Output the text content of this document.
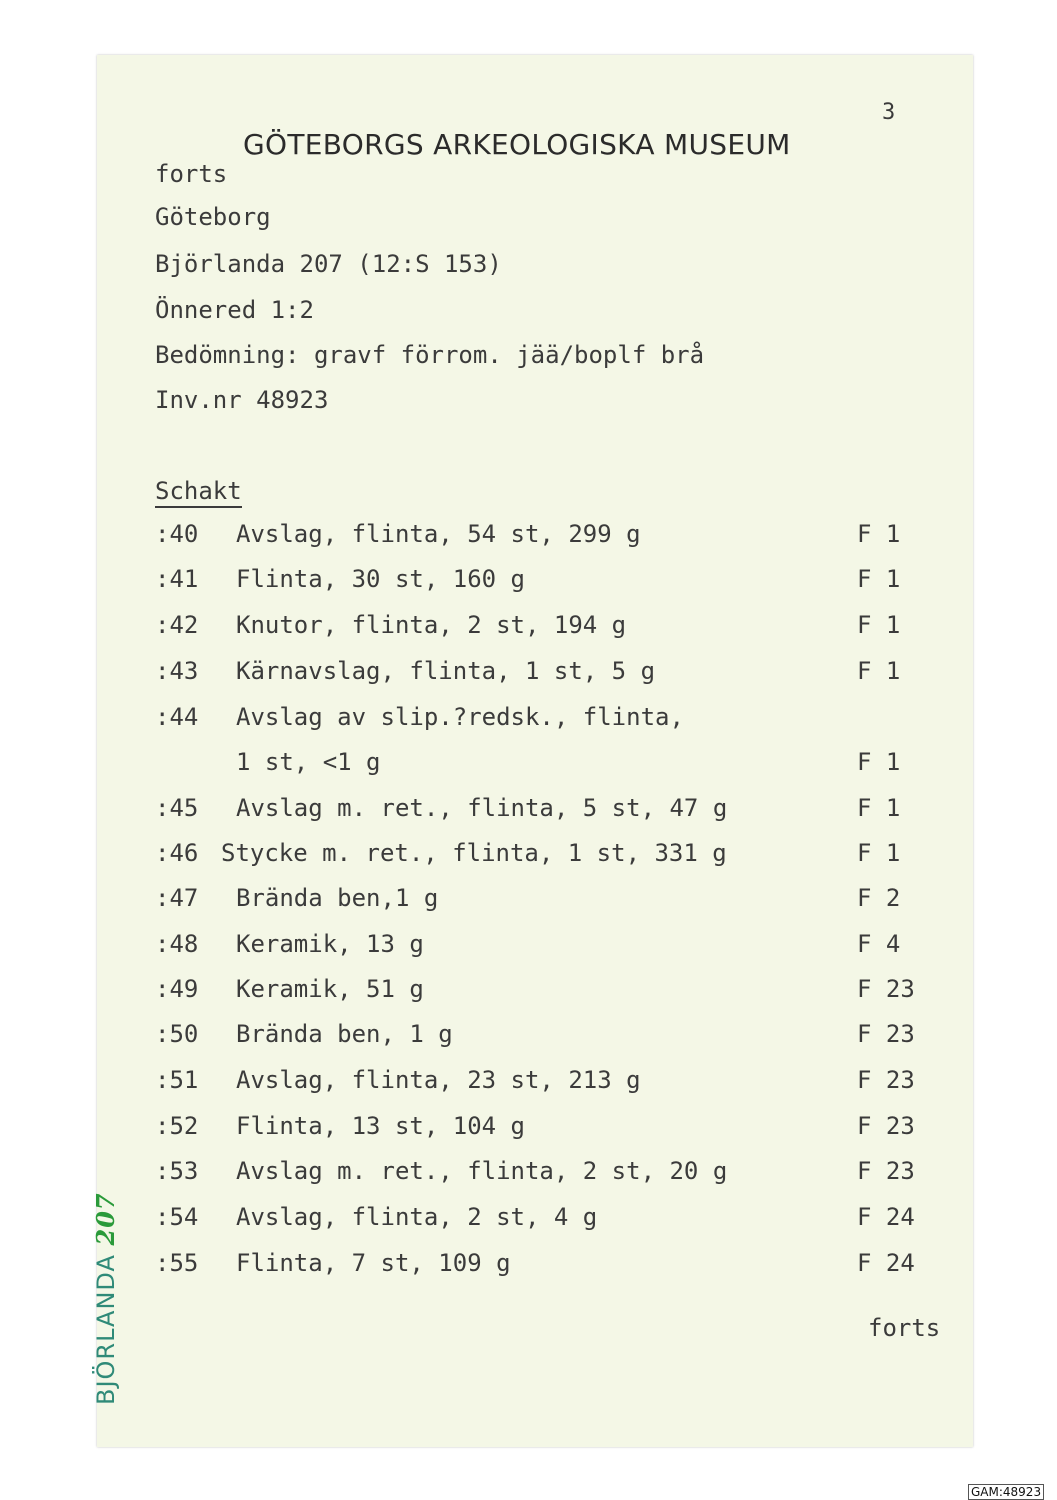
3
GÖTEBORGS ARKEOLOGISKA MUSEUM
forts
Göteborg
Björlanda 207 (12:S 153)
Önnered 1:2
Bedömning: gravf förrom. jää/boplf brå
Inv.nr 48923
Schakt
:40 Avslag, flinta, 54 st, 299 g	F 1
:41 Flinta, 30 st, 160 g	F 1
:42 Knutor, flinta, 2 st, 194 g	F 1
:43 Kärnavslag, flinta, 1 st, 5 g	F 1
:44 Avslag av slip.?redsk., flinta,
1 st, <1 g	F 1
:45 Avslag m. ret., flinta, 5 st, 47 g	F 1
:46 Stycke m. ret., flinta, 1 st, 331 g	F 1
:47 Brända ben,1 g	F 2
:48 Keramik, 13 g	F 4
:49 Keramik, 51 g	F 23
:50 Brända ben, 1 g	F 23
:51 Avslag, flinta, 23 st, 213 g	F 23
:52 Flinta, 13 st, 104 g	F 23
:53 Avslag m. ret., flinta, 2 st, 20 g	F 23
:54 Avslag, flinta, 2 st, 4 g	F 24
:55 Flinta, 7 st, 109 g	F 24
forts
BJÖRLANDA 207
GAM:48923
